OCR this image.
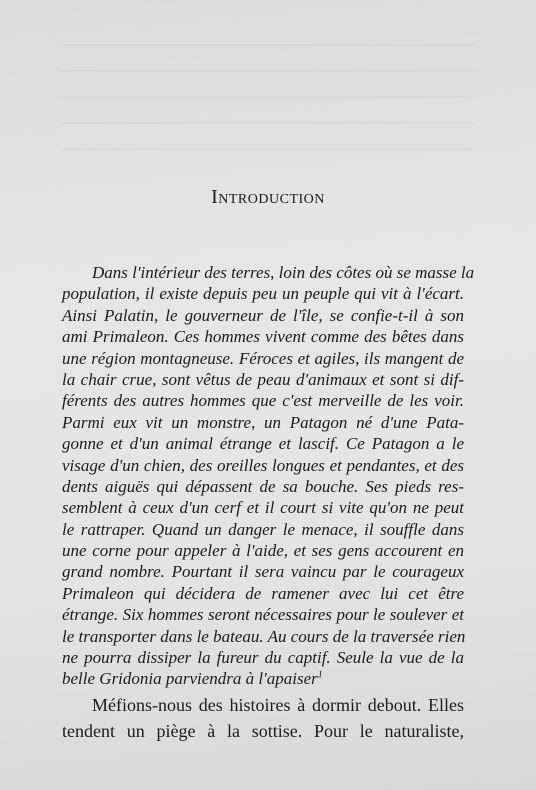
Introduction
Dans l'intérieur des terres, loin des côtes où se masse la
population, il existe depuis peu un peuple qui vit à l'écart.
Ainsi Palatin, le gouverneur de l'île, se confie-t-il à son
ami Primaleon. Ces hommes vivent comme des bêtes dans
une région montagneuse. Féroces et agiles, ils mangent de
la chair crue, sont vêtus de peau d'animaux et sont si dif-
férents des autres hommes que c'est merveille de les voir.
Parmi eux vit un monstre, un Patagon né d'une Pata-
gonne et d'un animal étrange et lascif. Ce Patagon a le
visage d'un chien, des oreilles longues et pendantes, et des
dents aiguës qui dépassent de sa bouche. Ses pieds res-
semblent à ceux d'un cerf et il court si vite qu'on ne peut
le rattraper. Quand un danger le menace, il souffle dans
une corne pour appeler à l'aide, et ses gens accourent en
grand nombre. Pourtant il sera vaincu par le courageux
Primaleon qui décidera de ramener avec lui cet être
étrange. Six hommes seront nécessaires pour le soulever et
le transporter dans le bateau. Au cours de la traversée rien
ne pourra dissiper la fureur du captif. Seule la vue de la
belle Gridonia parviendra à l'apaiser$^1$
Méfions-nous des histoires à dormir debout. Elles
tendent un piège à la sottise. Pour le naturaliste,
